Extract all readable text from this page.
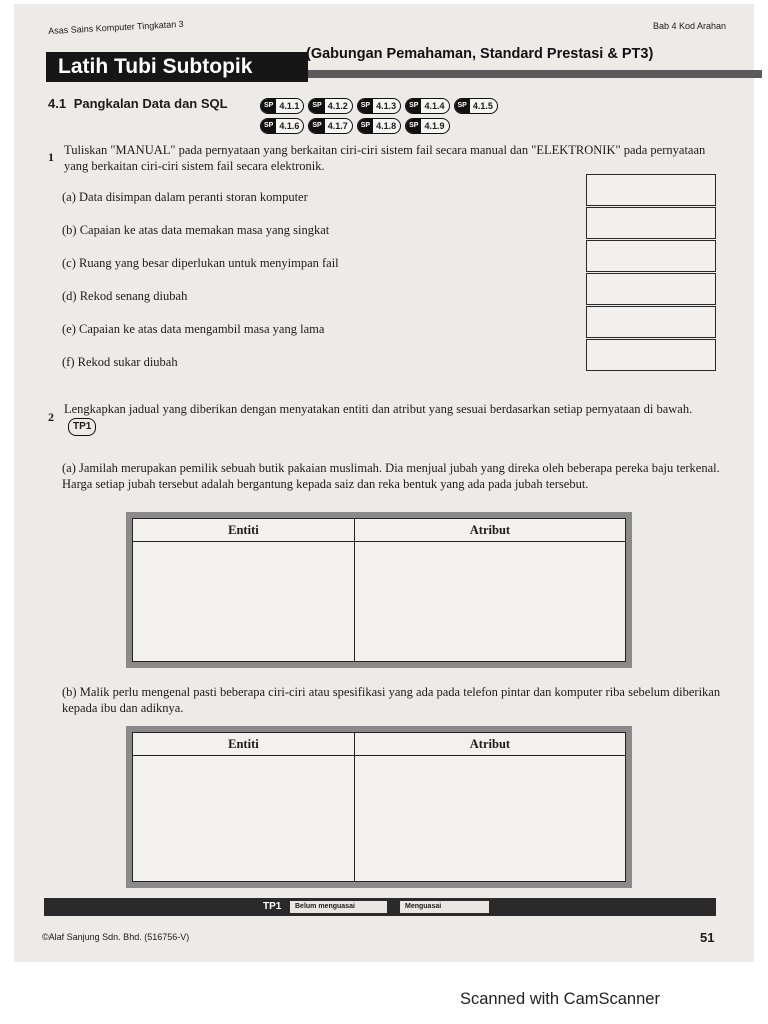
Asas Sains Komputer Tingkatan 3	Bab 4 Kod Arahan
Latih Tubi Subtopik
(Gabungan Pemahaman, Standard Prestasi & PT3)
4.1 Pangkalan Data dan SQL	SP 4.1.1	SP 4.1.2	SP 4.1.3	SP 4.1.4	SP 4.1.5
SP 4.1.6	SP 4.1.7	SP 4.1.8	SP 4.1.9
1 Tuliskan "MANUAL" pada pernyataan yang berkaitan ciri-ciri sistem fail secara manual dan "ELEKTRONIK" pada pernyataan yang berkaitan ciri-ciri sistem fail secara elektronik.
(a) Data disimpan dalam peranti storan komputer
(b) Capaian ke atas data memakan masa yang singkat
(c) Ruang yang besar diperlukan untuk menyimpan fail
(d) Rekod senang diubah
(e) Capaian ke atas data mengambil masa yang lama
(f) Rekod sukar diubah
2
Lengkapkan jadual yang diberikan dengan menyatakan entiti dan atribut yang sesuai berdasarkan setiap pernyataan di bawah. TP1
(a) Jamilah merupakan pemilik sebuah butik pakaian muslimah. Dia menjual jubah yang direka oleh beberapa pereka baju terkenal. Harga setiap jubah tersebut adalah bergantung kepada saiz dan reka bentuk yang ada pada jubah tersebut.
Entiti	Atribut

(b) Malik perlu mengenal pasti beberapa ciri-ciri atau spesifikasi yang ada pada telefon pintar dan komputer riba sebelum diberikan kepada ibu dan adiknya.
Entiti	Atribut

TP1	Belum menguasai	Menguasai
©Alaf Sanjung Sdn. Bhd. (516756-V)	51
Scanned with CamScanner
